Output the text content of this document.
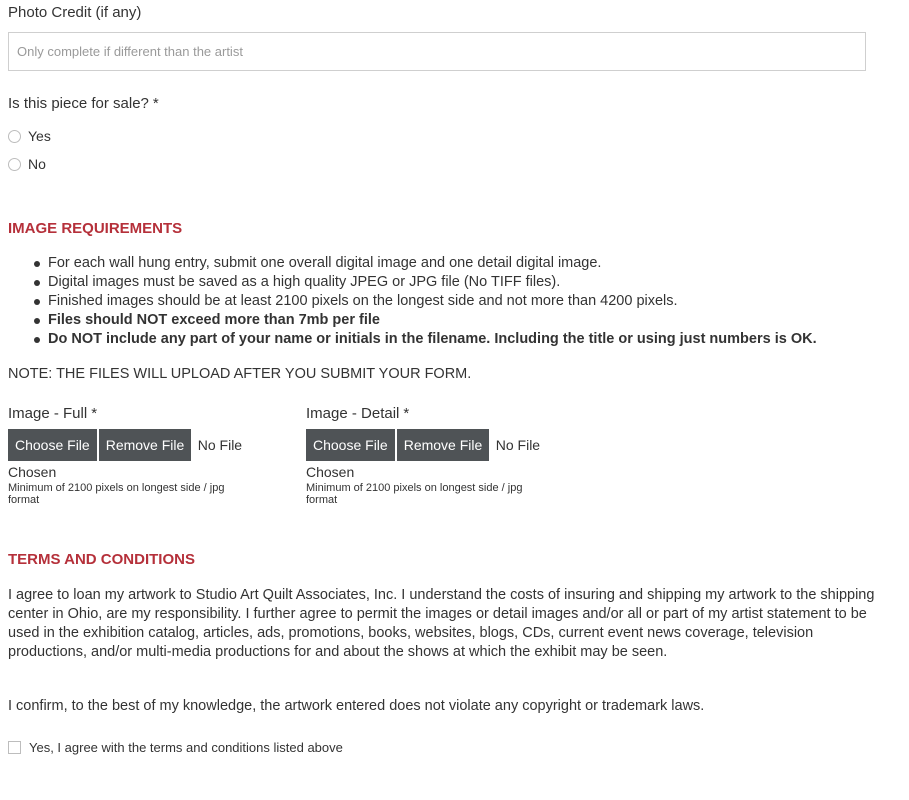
Photo Credit (if any)
Only complete if different than the artist
Is this piece for sale? *
Yes
No
IMAGE REQUIREMENTS
For each wall hung entry, submit one overall digital image and one detail digital image.
Digital images must be saved as a high quality JPEG or JPG file (No TIFF files).
Finished images should be at least 2100 pixels on the longest side and not more than 4200 pixels.
Files should NOT exceed more than 7mb per file
Do NOT include any part of your name or initials in the filename. Including the title or using just numbers is OK.
NOTE: THE FILES WILL UPLOAD AFTER YOU SUBMIT YOUR FORM.
Image - Full *
Choose File Remove File No File
Chosen
Minimum of 2100 pixels on longest side / jpg format
Image - Detail *
Choose File Remove File No File
Chosen
Minimum of 2100 pixels on longest side / jpg format
TERMS AND CONDITIONS

I agree to loan my artwork to Studio Art Quilt Associates, Inc. I understand the costs of insuring and shipping my artwork to the shipping center in Ohio, are my responsibility. I further agree to permit the images or detail images and/or all or part of my artist statement to be used in the exhibition catalog, articles, ads, promotions, books, websites, blogs, CDs, current event news coverage, television productions, and/or multi-media productions for and about the shows at which the exhibit may be seen.

I confirm, to the best of my knowledge, the artwork entered does not violate any copyright or trademark laws.

Yes, I agree with the terms and conditions listed above
